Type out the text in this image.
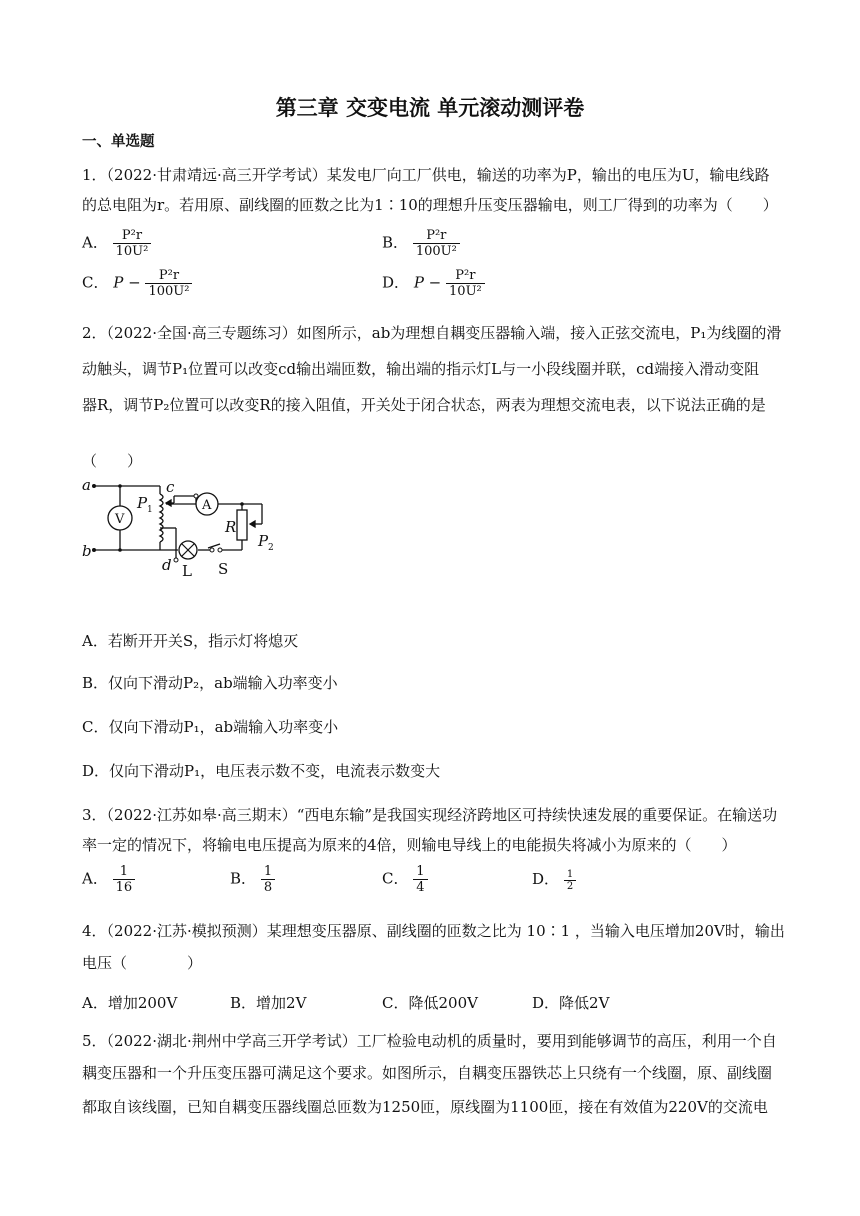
第三章 交变电流 单元滚动测评卷
一、单选题
1．（2022·甘肃靖远·高三开学考试）某发电厂向工厂供电，输送的功率为P，输出的电压为U，输电线路
的总电阻为r。若用原、副线圈的匝数之比为1∶10的理想升压变压器输电，则工厂得到的功率为（　　）
A． $\frac{\text{P²r}}{\text{10U²}}$	B． $\frac{\text{P²r}}{\text{100U²}}$
C． $P - \frac{\text{P²r}}{\text{100U²}}$	D． $P - \frac{\text{P²r}}{\text{10U²}}$
2．（2022·全国·高三专题练习）如图所示，ab为理想自耦变压器输入端，接入正弦交流电，P₁为线圈的滑
动触头，调节P₁位置可以改变cd输出端匝数，输出端的指示灯L与一小段线圈并联，cd端接入滑动变阻
器R，调节P₂位置可以改变R的接入阻值，开关处于闭合状态，两表为理想交流电表，以下说法正确的是
（　　）
a
b
c
d
V
A
R
P 1
P 2
L S
A．若断开开关S，指示灯将熄灭
B．仅向下滑动P₂，ab端输入功率变小
C．仅向下滑动P₁，ab端输入功率变小
D．仅向下滑动P₁，电压表示数不变，电流表示数变大
3．（2022·江苏如皋·高三期末）“西电东输”是我国实现经济跨地区可持续快速发展的重要保证。在输送功
率一定的情况下，将输电电压提高为原来的4倍，则输电导线上的电能损失将减小为原来的（　　）
A． $\frac{1}{16}$	B． $\frac{1}{8}$	C． $\frac{1}{4}$	D． $\frac{1}{2}$
4．（2022·江苏·模拟预测）某理想变压器原、副线圈的匝数之比为 10∶1 ，当输入电压增加20V时，输出
电压（　　　　）
A．增加200V	B．增加2V	C．降低200V	D．降低2V
5．（2022·湖北·荆州中学高三开学考试）工厂检验电动机的质量时，要用到能够调节的高压，利用一个自
耦变压器和一个升压变压器可满足这个要求。如图所示，自耦变压器铁芯上只绕有一个线圈，原、副线圈
都取自该线圈，已知自耦变压器线圈总匝数为1250匝，原线圈为1100匝，接在有效值为220V的交流电
